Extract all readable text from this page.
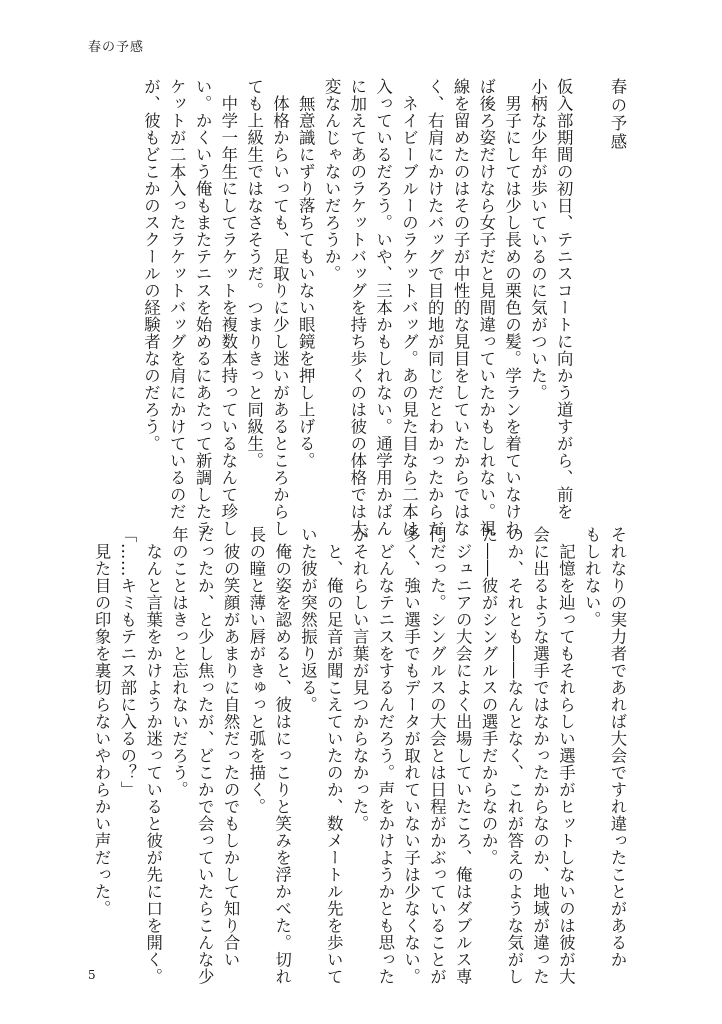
春の予感

春の予感

仮入部期間の初日、テニスコートに向かう道すがら、前を

小柄な少年が歩いているのに気がついた。

　男子にしては少し長めの栗色の髪。学ランを着ていなけれ

ば後ろ姿だけなら女子だと見間違っていたかもしれない。視

線を留めたのはその子が中性的な見目をしていたからではな

く、右肩にかけたバッグで目的地が同じだとわかったからだ。

　ネイビーブルーのラケットバッグ。あの見た目なら二本は

入っているだろう。いや、三本かもしれない。通学用かばん

に加えてあのラケットバッグを持ち歩くのは彼の体格では大

変なんじゃないだろうか。

　無意識にずり落ちてもいない眼鏡を押し上げる。

　体格からいっても、足取りに少し迷いがあるところからし

ても上級生ではなさそうだ。つまりきっと同級生。

　中学一年生にしてラケットを複数本持っているなんて珍し

い。かくいう俺もまたテニスを始めるにあたって新調したラ

ケットが二本入ったラケットバッグを肩にかけているのだ

が、彼もどこかのスクールの経験者なのだろう。

それなりの実力者であれば大会ですれ違ったことがあるか

もしれない。

　記憶を辿ってもそれらしい選手がヒットしないのは彼が大

会に出るような選手ではなかったからなのか、地域が違った

のか、それとも――なんとなく、これが答えのような気がし

た――彼がシングルスの選手だからなのか。

　ジュニアの大会によく出場していたころ、俺はダブルス専

門だった。シングルスの大会とは日程がかぶっていることが

多く、強い選手でもデータが取れていない子は少なくない。

　どんなテニスをするんだろう。声をかけようかとも思った

がそれらしい言葉が見つからなかった。

　と、俺の足音が聞こえていたのか、数メートル先を歩いて

いた彼が突然振り返る。

　俺の姿を認めると、彼はにっこりと笑みを浮かべた。切れ

長の瞳と薄い唇がきゅっと弧を描く。

　彼の笑顔があまりに自然だったのでもしかして知り合い

だったか、と少し焦ったが、どこかで会っていたらこんな少

年のことはきっと忘れないだろう。

　なんと言葉をかけようか迷っていると彼が先に口を開く。

「……キミもテニス部に入るの？」

　見た目の印象を裏切らないやわらかい声だった。

5
